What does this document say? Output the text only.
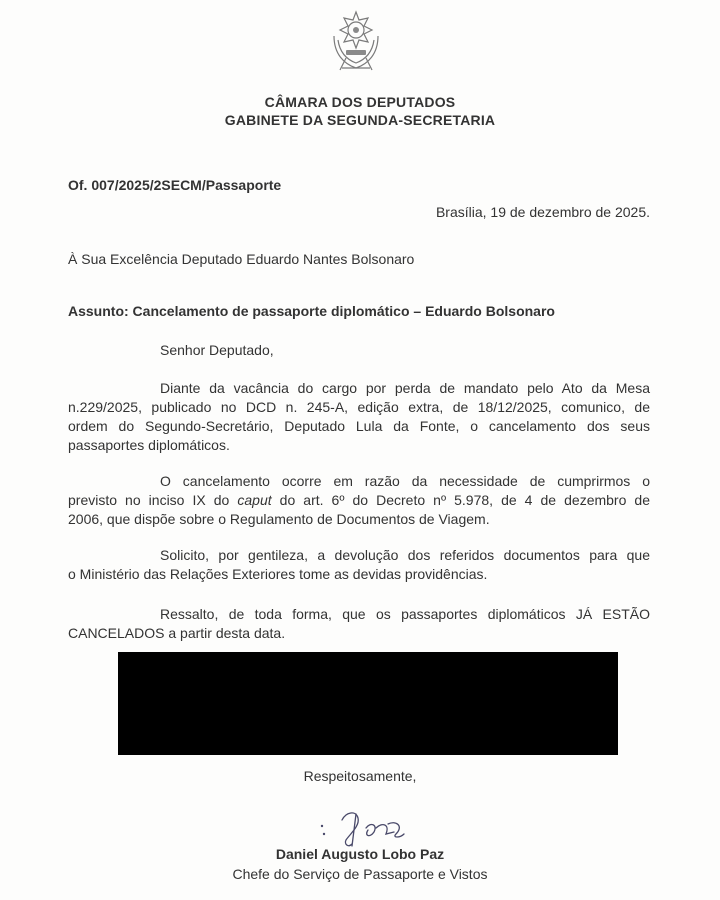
CÂMARA DOS DEPUTADOS
GABINETE DA SEGUNDA-SECRETARIA
Of. 007/2025/2SECM/Passaporte
Brasília, 19 de dezembro de 2025.
À Sua Excelência Deputado Eduardo Nantes Bolsonaro
Assunto: Cancelamento de passaporte diplomático – Eduardo Bolsonaro
Senhor Deputado,
Diante da vacância do cargo por perda de mandato pelo Ato da Mesa
n.229/2025, publicado no DCD n. 245-A, edição extra, de 18/12/2025, comunico, de
ordem do Segundo-Secretário, Deputado Lula da Fonte, o cancelamento dos seus
passaportes diplomáticos.
O cancelamento ocorre em razão da necessidade de cumprirmos o
previsto no inciso IX do caput do art. 6º do Decreto nº 5.978, de 4 de dezembro de
2006, que dispõe sobre o Regulamento de Documentos de Viagem.
Solicito, por gentileza, a devolução dos referidos documentos para que
o Ministério das Relações Exteriores tome as devidas providências.
Ressalto, de toda forma, que os passaportes diplomáticos JÁ ESTÃO
CANCELADOS a partir desta data.
Respeitosamente,
Daniel Augusto Lobo Paz
Chefe do Serviço de Passaporte e Vistos
